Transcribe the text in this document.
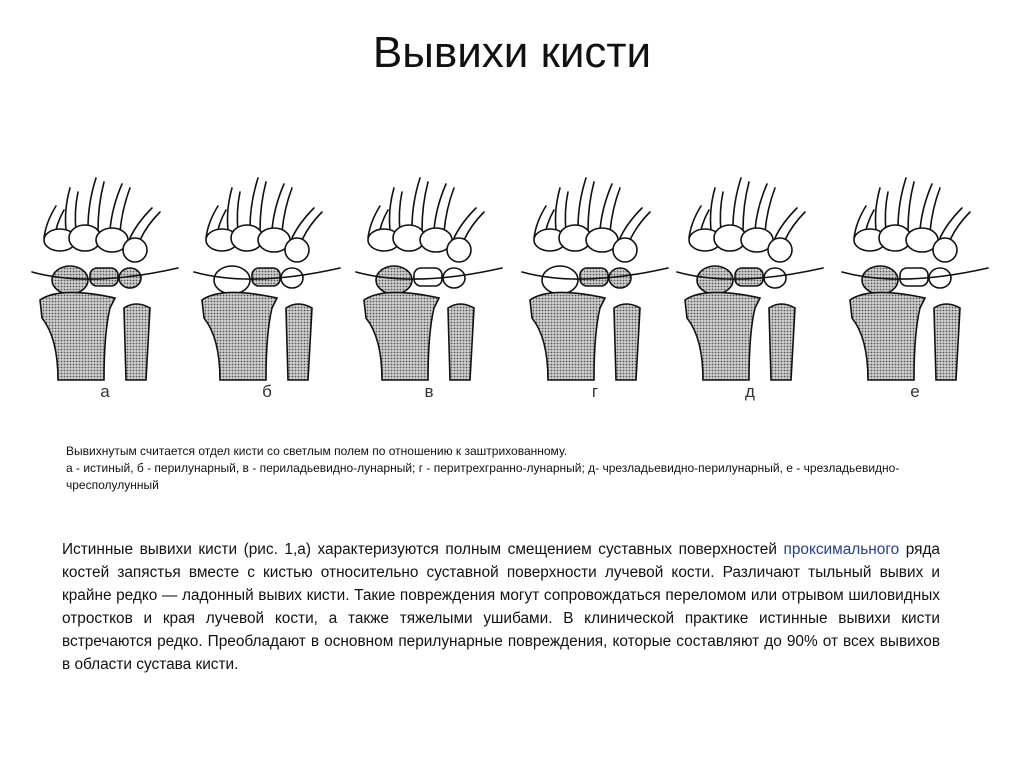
Вывихи кисти
а	б	в	г	д	е
Вывихнутым считается отдел кисти со светлым полем по отношению к заштрихованному.
а - истиный, б - перилунарный, в - периладьевидно-лунарный; г - перитрехгранно-лунарный; д- чрезладьевидно-перилунарный, е - чрезладьевидно-чресполулунный
Истинные вывихи кисти (рис. 1,а) характеризуются полным смещением суставных поверхностей проксимального ряда костей запястья вместе с кистью относительно суставной поверхности лучевой кости. Различают тыльный вывих и крайне редко — ладонный вывих кисти. Такие повреждения могут сопровождаться переломом или отрывом шиловидных отростков и края лучевой кости, а также тяжелыми ушибами. В клинической практике истинные вывихи кисти встречаются редко. Преобладают в основном перилунарные повреждения, которые составляют до 90% от всех вывихов в области сустава кисти.
